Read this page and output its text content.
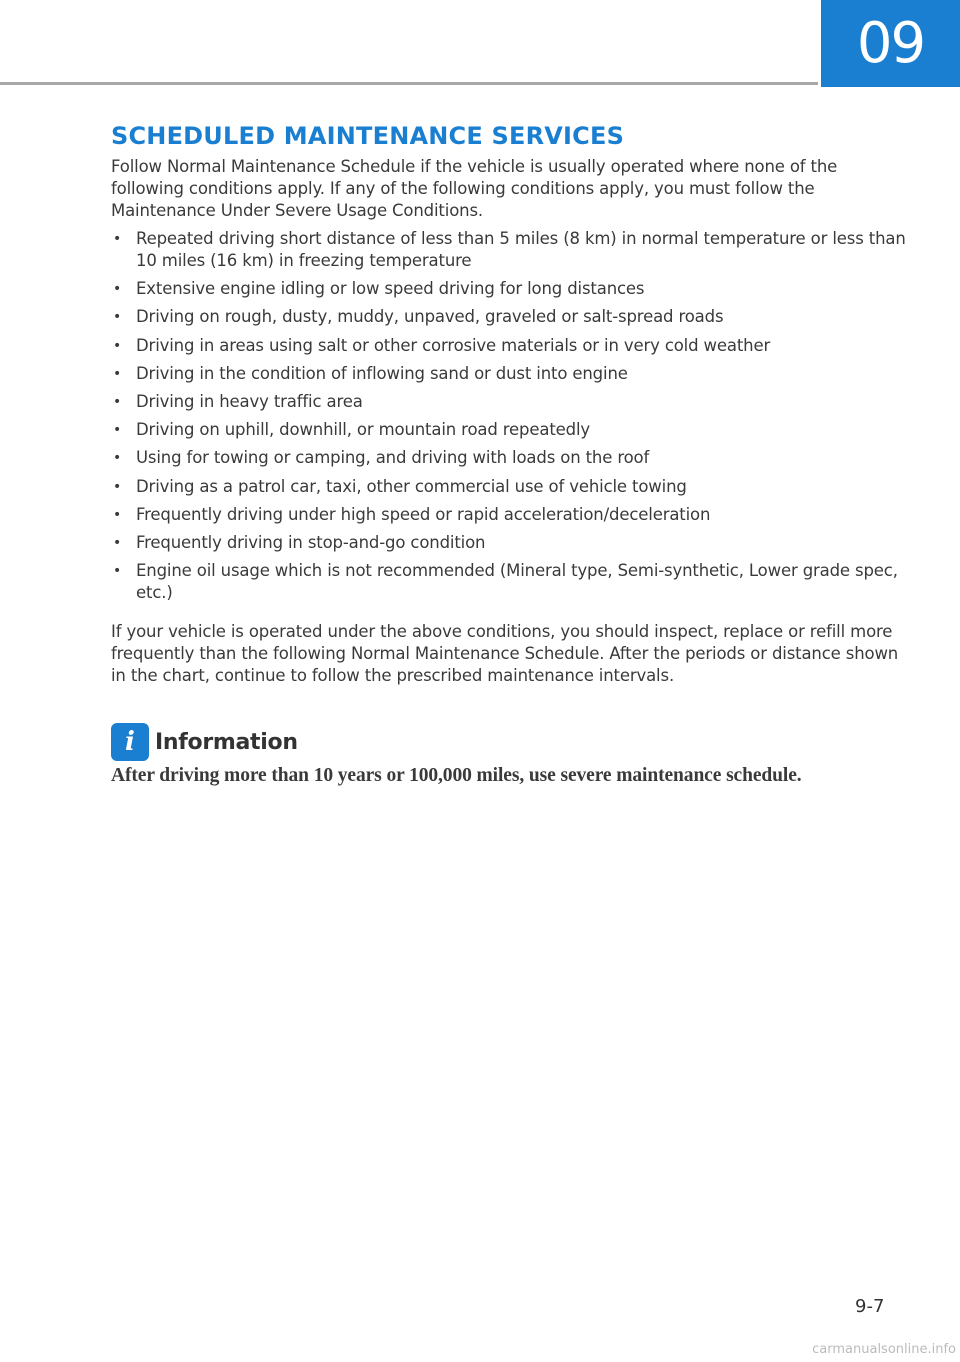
09
SCHEDULED MAINTENANCE SERVICES

Follow Normal Maintenance Schedule if the vehicle is usually operated where none of the following conditions apply. If any of the following conditions apply, you must follow the Maintenance Under Severe Usage Conditions.

• Repeated driving short distance of less than 5 miles (8 km) in normal temperature or less than 10 miles (16 km) in freezing temperature
• Extensive engine idling or low speed driving for long distances
• Driving on rough, dusty, muddy, unpaved, graveled or salt-spread roads
• Driving in areas using salt or other corrosive materials or in very cold weather
• Driving in the condition of inflowing sand or dust into engine
• Driving in heavy traffic area
• Driving on uphill, downhill, or mountain road repeatedly
• Using for towing or camping, and driving with loads on the roof
• Driving as a patrol car, taxi, other commercial use of vehicle towing
• Frequently driving under high speed or rapid acceleration/deceleration
• Frequently driving in stop-and-go condition
• Engine oil usage which is not recommended (Mineral type, Semi-synthetic, Lower grade spec, etc.)

If your vehicle is operated under the above conditions, you should inspect, replace or refill more frequently than the following Normal Maintenance Schedule. After the periods or distance shown in the chart, continue to follow the prescribed maintenance intervals.

i Information

After driving more than 10 years or 100,000 miles, use severe maintenance schedule.

9-7
carmanualsonline.info
